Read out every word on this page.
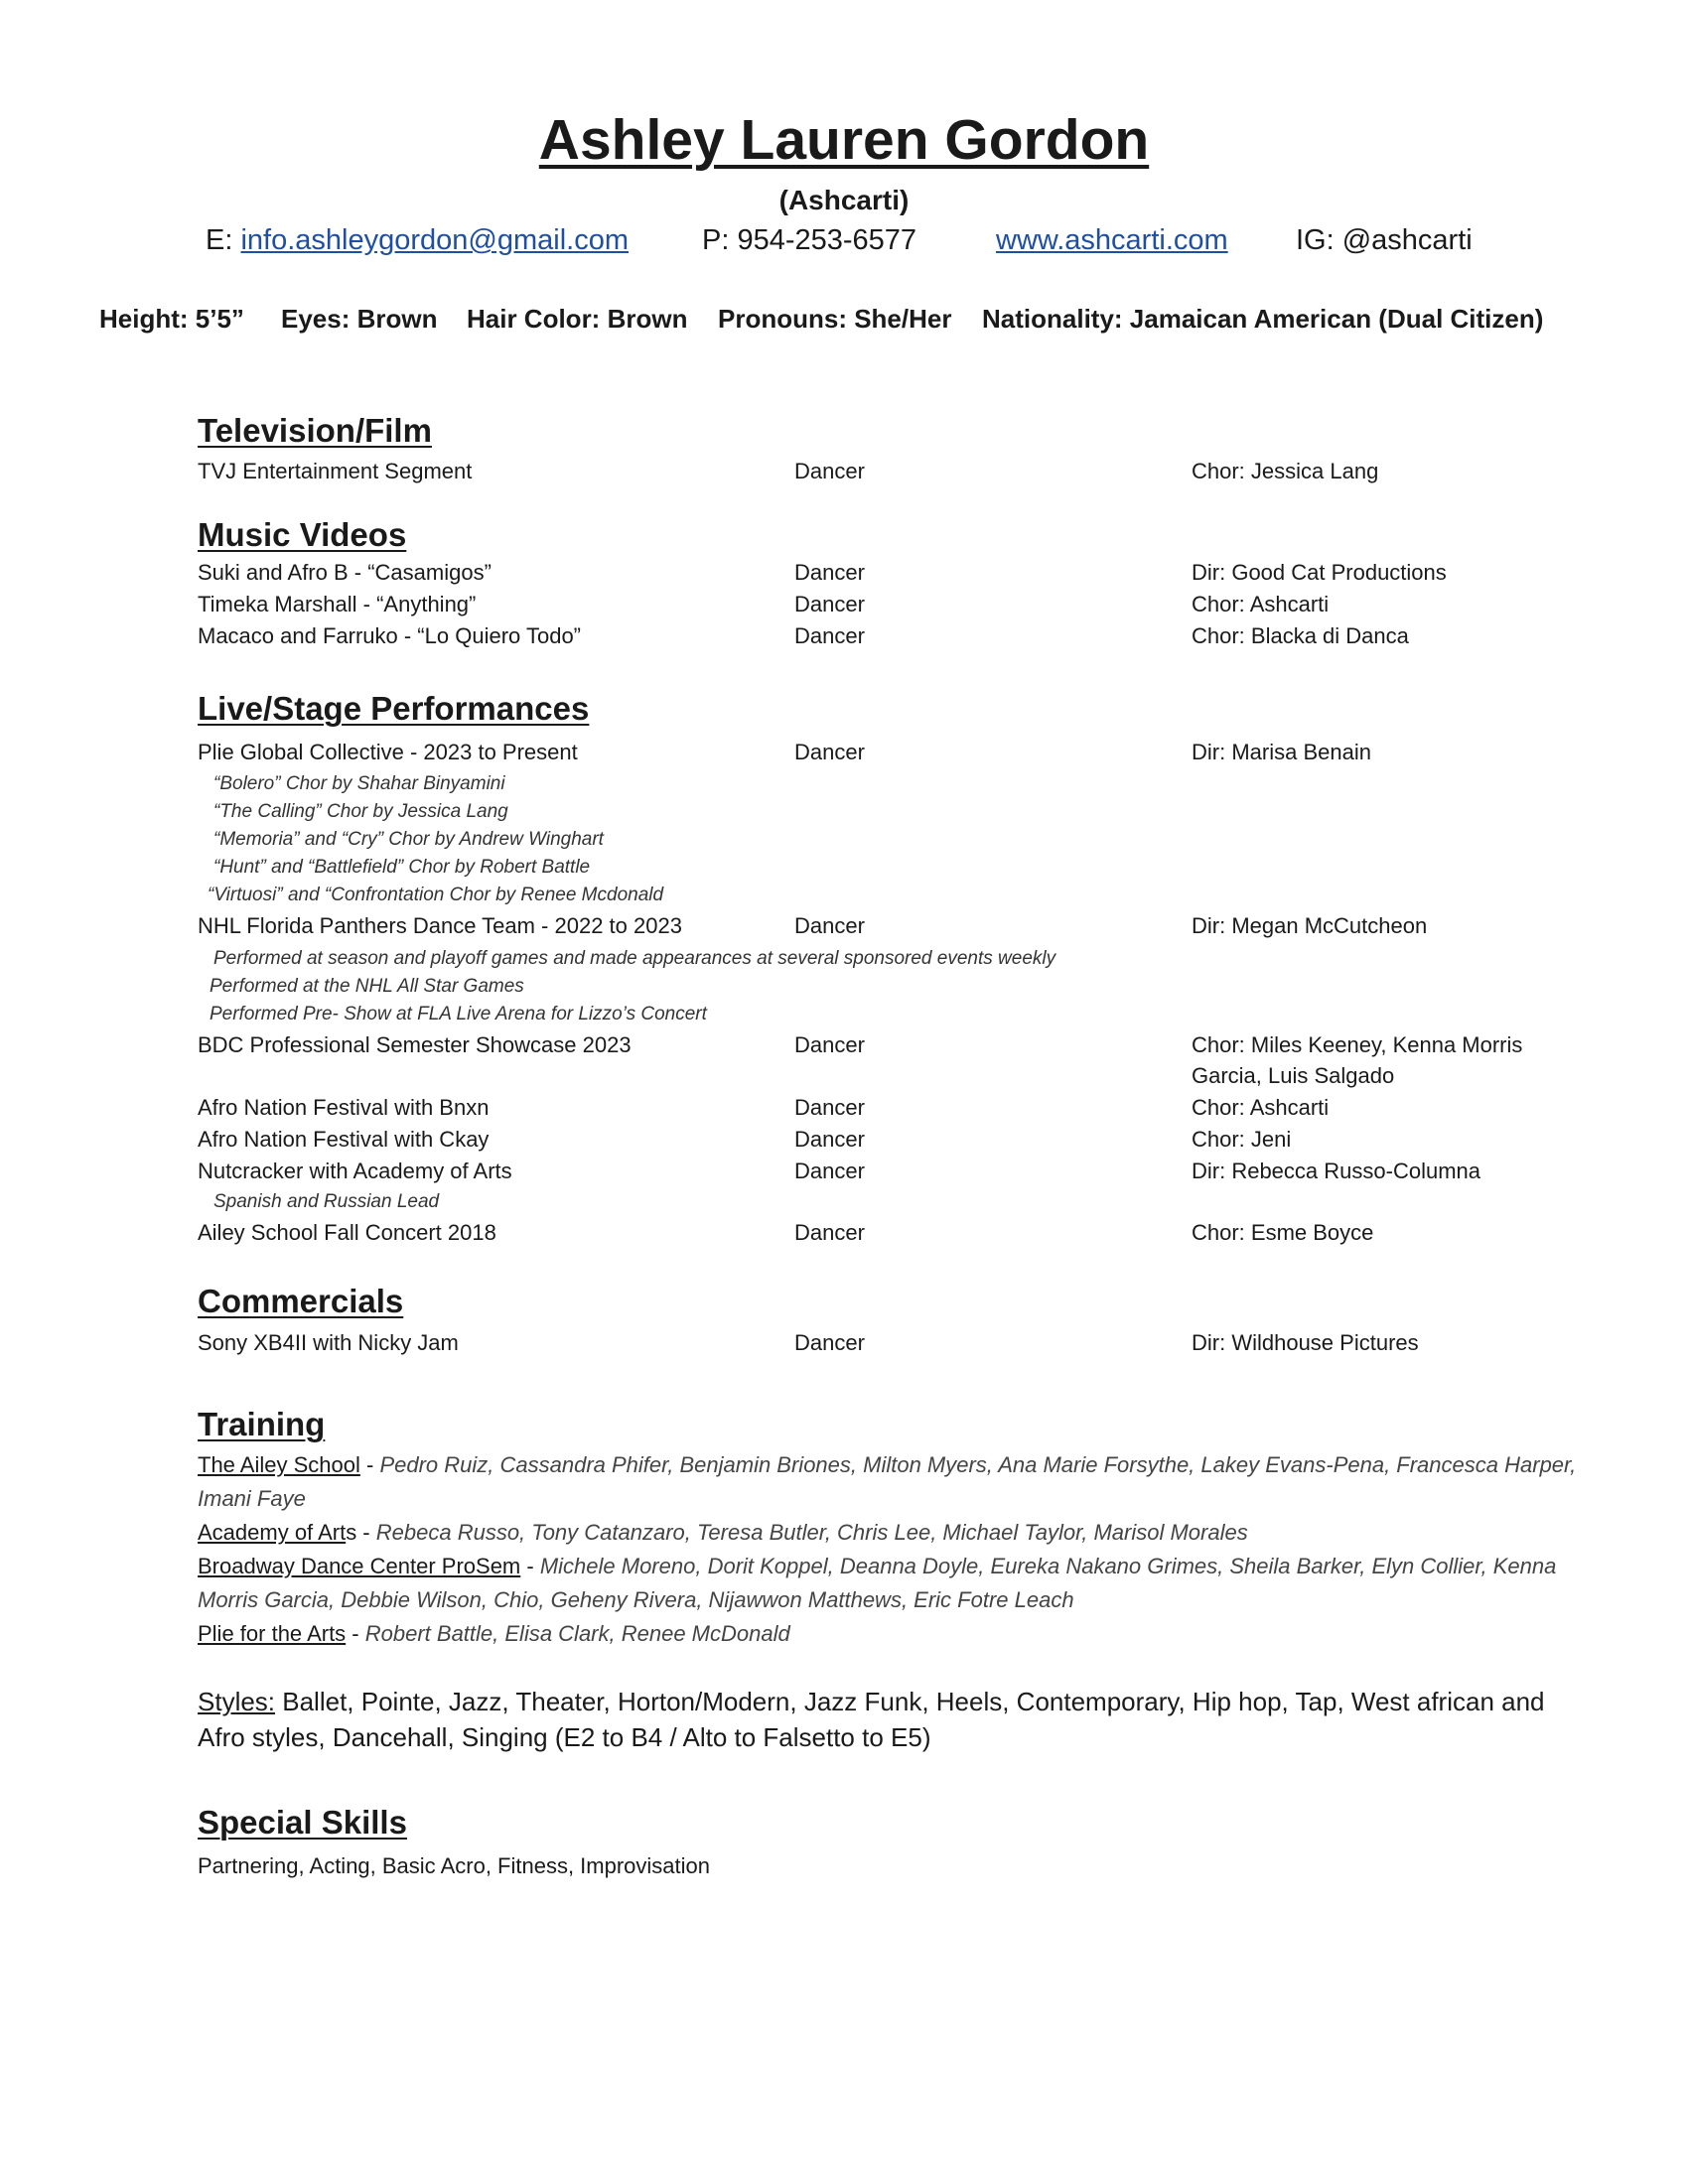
Ashley Lauren Gordon
(Ashcarti)
E: info.ashleygordon@gmail.com	P: 954-253-6577	www.ashcarti.com IG: @ashcarti
Height: 5’5” Eyes: Brown Hair Color: Brown Pronouns: She/Her Nationality: Jamaican American (Dual Citizen)
Television/Film
TVJ Entertainment Segment	Dancer	Chor: Jessica Lang
Music Videos
Suki and Afro B - “Casamigos”	Dancer	Dir: Good Cat Productions
Timeka Marshall - “Anything”	Dancer	Chor: Ashcarti
Macaco and Farruko - “Lo Quiero Todo”	Dancer	Chor: Blacka di Danca
Live/Stage Performances
Plie Global Collective - 2023 to Present	Dancer	Dir: Marisa Benain
“Bolero” Chor by Shahar Binyamini
“The Calling” Chor by Jessica Lang
“Memoria” and “Cry” Chor by Andrew Winghart
“Hunt” and “Battlefield” Chor by Robert Battle
“Virtuosi” and “Confrontation Chor by Renee Mcdonald
NHL Florida Panthers Dance Team - 2022 to 2023	Dancer	Dir: Megan McCutcheon
Performed at season and playoff games and made appearances at several sponsored events weekly
Performed at the NHL All Star Games
Performed Pre- Show at FLA Live Arena for Lizzo’s Concert
BDC Professional Semester Showcase 2023	Dancer	Chor: Miles Keeney, Kenna Morris
Garcia, Luis Salgado
Afro Nation Festival with Bnxn	Dancer	Chor: Ashcarti
Afro Nation Festival with Ckay	Dancer	Chor: Jeni
Nutcracker with Academy of Arts	Dancer	Dir: Rebecca Russo-Columna
Spanish and Russian Lead
Ailey School Fall Concert 2018	Dancer	Chor: Esme Boyce
Commercials
Sony XB4II with Nicky Jam	Dancer	Dir: Wildhouse Pictures
Training
The Ailey School - Pedro Ruiz, Cassandra Phifer, Benjamin Briones, Milton Myers, Ana Marie Forsythe, Lakey Evans-Pena, Francesca Harper, Imani Faye
Academy of Arts - Rebeca Russo, Tony Catanzaro, Teresa Butler, Chris Lee, Michael Taylor, Marisol Morales
Broadway Dance Center ProSem - Michele Moreno, Dorit Koppel, Deanna Doyle, Eureka Nakano Grimes, Sheila Barker, Elyn Collier, Kenna Morris Garcia, Debbie Wilson, Chio, Geheny Rivera, Nijawwon Matthews, Eric Fotre Leach
Plie for the Arts - Robert Battle, Elisa Clark, Renee McDonald
Styles: Ballet, Pointe, Jazz, Theater, Horton/Modern, Jazz Funk, Heels, Contemporary, Hip hop, Tap, West african and Afro styles, Dancehall, Singing (E2 to B4 / Alto to Falsetto to E5)
Special Skills
Partnering, Acting, Basic Acro, Fitness, Improvisation
